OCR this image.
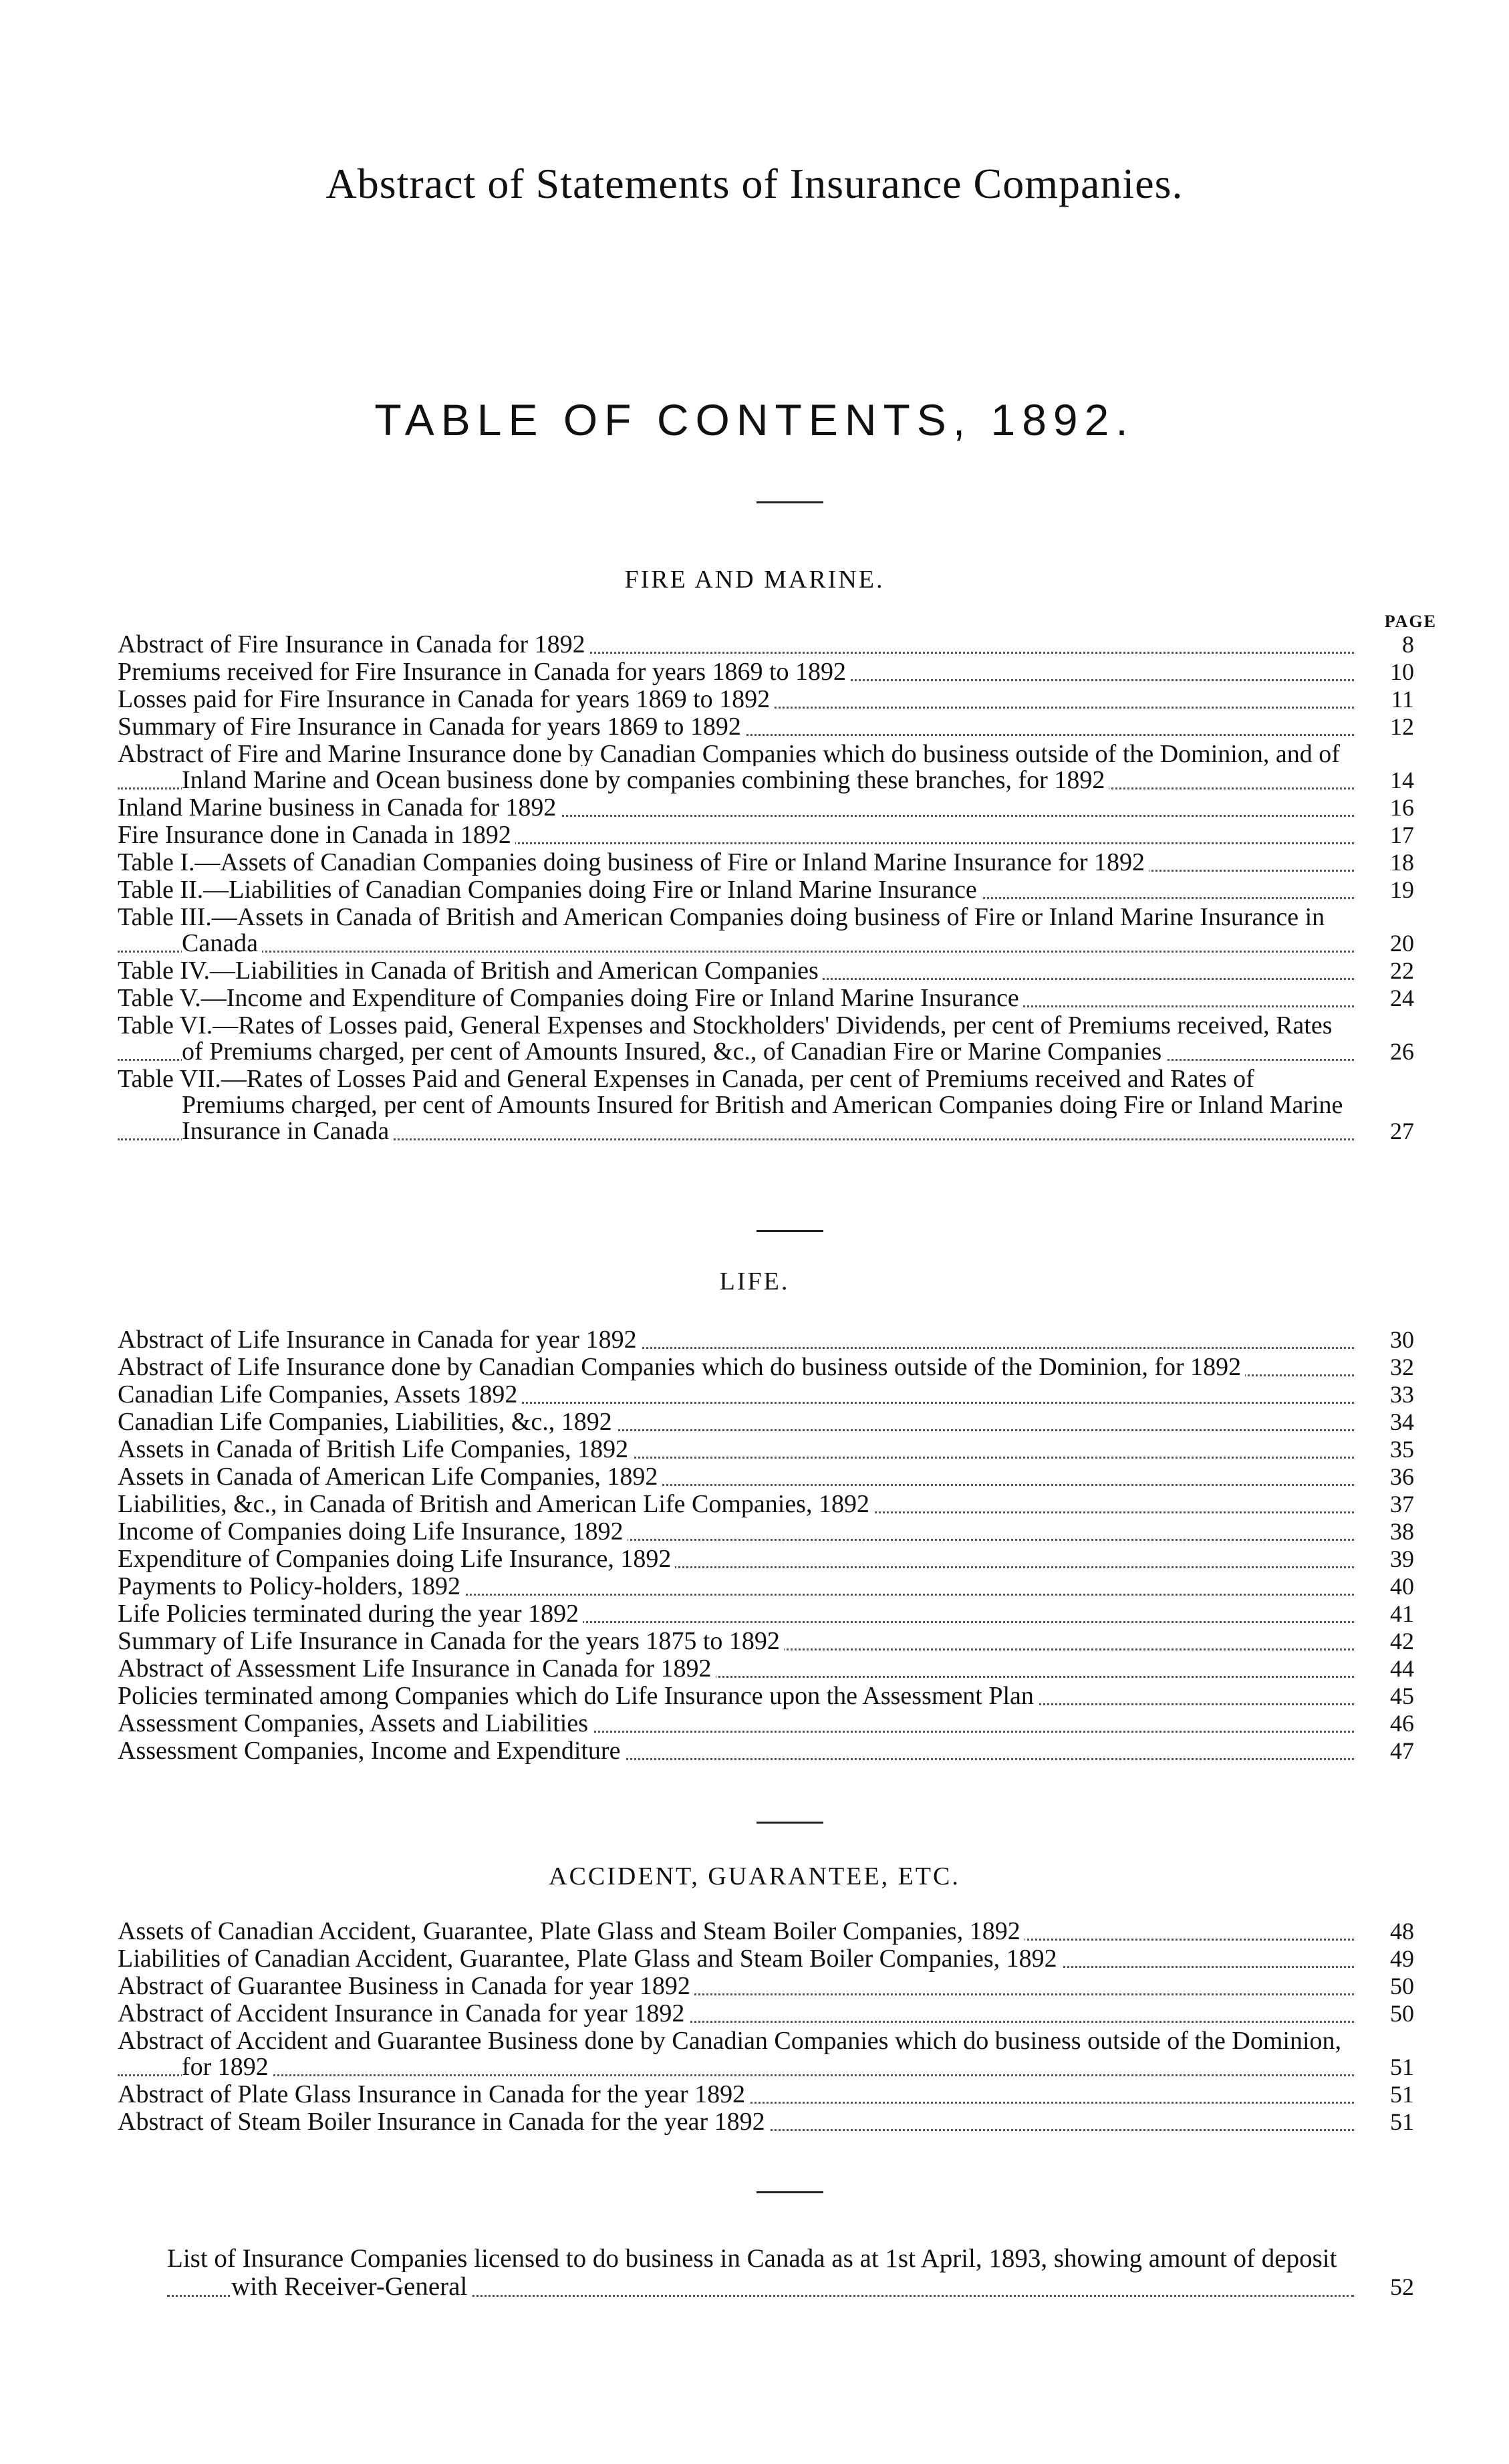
Abstract of Statements of Insurance Companies.
TABLE OF CONTENTS, 1892.
FIRE AND MARINE.
PAGE
Abstract of Fire Insurance in Canada for 1892	8
Premiums received for Fire Insurance in Canada for years 1869 to 1892	10
Losses paid for Fire Insurance in Canada for years 1869 to 1892	11
Summary of Fire Insurance in Canada for years 1869 to 1892	12
Abstract of Fire and Marine Insurance done by Canadian Companies which do business outside of the Dominion, and of Inland Marine and Ocean business done by companies combining these branches, for 1892	14
Inland Marine business in Canada for 1892	16
Fire Insurance done in Canada in 1892	17
Table I.—Assets of Canadian Companies doing business of Fire or Inland Marine Insurance for 1892	18
Table II.—Liabilities of Canadian Companies doing Fire or Inland Marine Insurance	19
Table III.—Assets in Canada of British and American Companies doing business of Fire or Inland Marine Insurance in Canada	20
Table IV.—Liabilities in Canada of British and American Companies	22
Table V.—Income and Expenditure of Companies doing Fire or Inland Marine Insurance	24
Table VI.—Rates of Losses paid, General Expenses and Stockholders' Dividends, per cent of Premiums received, Rates of Premiums charged, per cent of Amounts Insured, &c., of Canadian Fire or Marine Companies	26
Table VII.—Rates of Losses Paid and General Expenses in Canada, per cent of Premiums received and Rates of Premiums charged, per cent of Amounts Insured for British and American Companies doing Fire or Inland Marine Insurance in Canada	27
LIFE.
Abstract of Life Insurance in Canada for year 1892	30
Abstract of Life Insurance done by Canadian Companies which do business outside of the Dominion, for 1892	32
Canadian Life Companies, Assets 1892	33
Canadian Life Companies, Liabilities, &c., 1892	34
Assets in Canada of British Life Companies, 1892	35
Assets in Canada of American Life Companies, 1892	36
Liabilities, &c., in Canada of British and American Life Companies, 1892	37
Income of Companies doing Life Insurance, 1892	38
Expenditure of Companies doing Life Insurance, 1892	39
Payments to Policy-holders, 1892	40
Life Policies terminated during the year 1892	41
Summary of Life Insurance in Canada for the years 1875 to 1892	42
Abstract of Assessment Life Insurance in Canada for 1892	44
Policies terminated among Companies which do Life Insurance upon the Assessment Plan	45
Assessment Companies, Assets and Liabilities	46
Assessment Companies, Income and Expenditure	47
ACCIDENT, GUARANTEE, ETC.
Assets of Canadian Accident, Guarantee, Plate Glass and Steam Boiler Companies, 1892	48
Liabilities of Canadian Accident, Guarantee, Plate Glass and Steam Boiler Companies, 1892	49
Abstract of Guarantee Business in Canada for year 1892	50
Abstract of Accident Insurance in Canada for year 1892	50
Abstract of Accident and Guarantee Business done by Canadian Companies which do business outside of the Dominion, for 1892	51
Abstract of Plate Glass Insurance in Canada for the year 1892	51
Abstract of Steam Boiler Insurance in Canada for the year 1892	51
List of Insurance Companies licensed to do business in Canada as at 1st April, 1893, showing amount of deposit with Receiver-General	52
